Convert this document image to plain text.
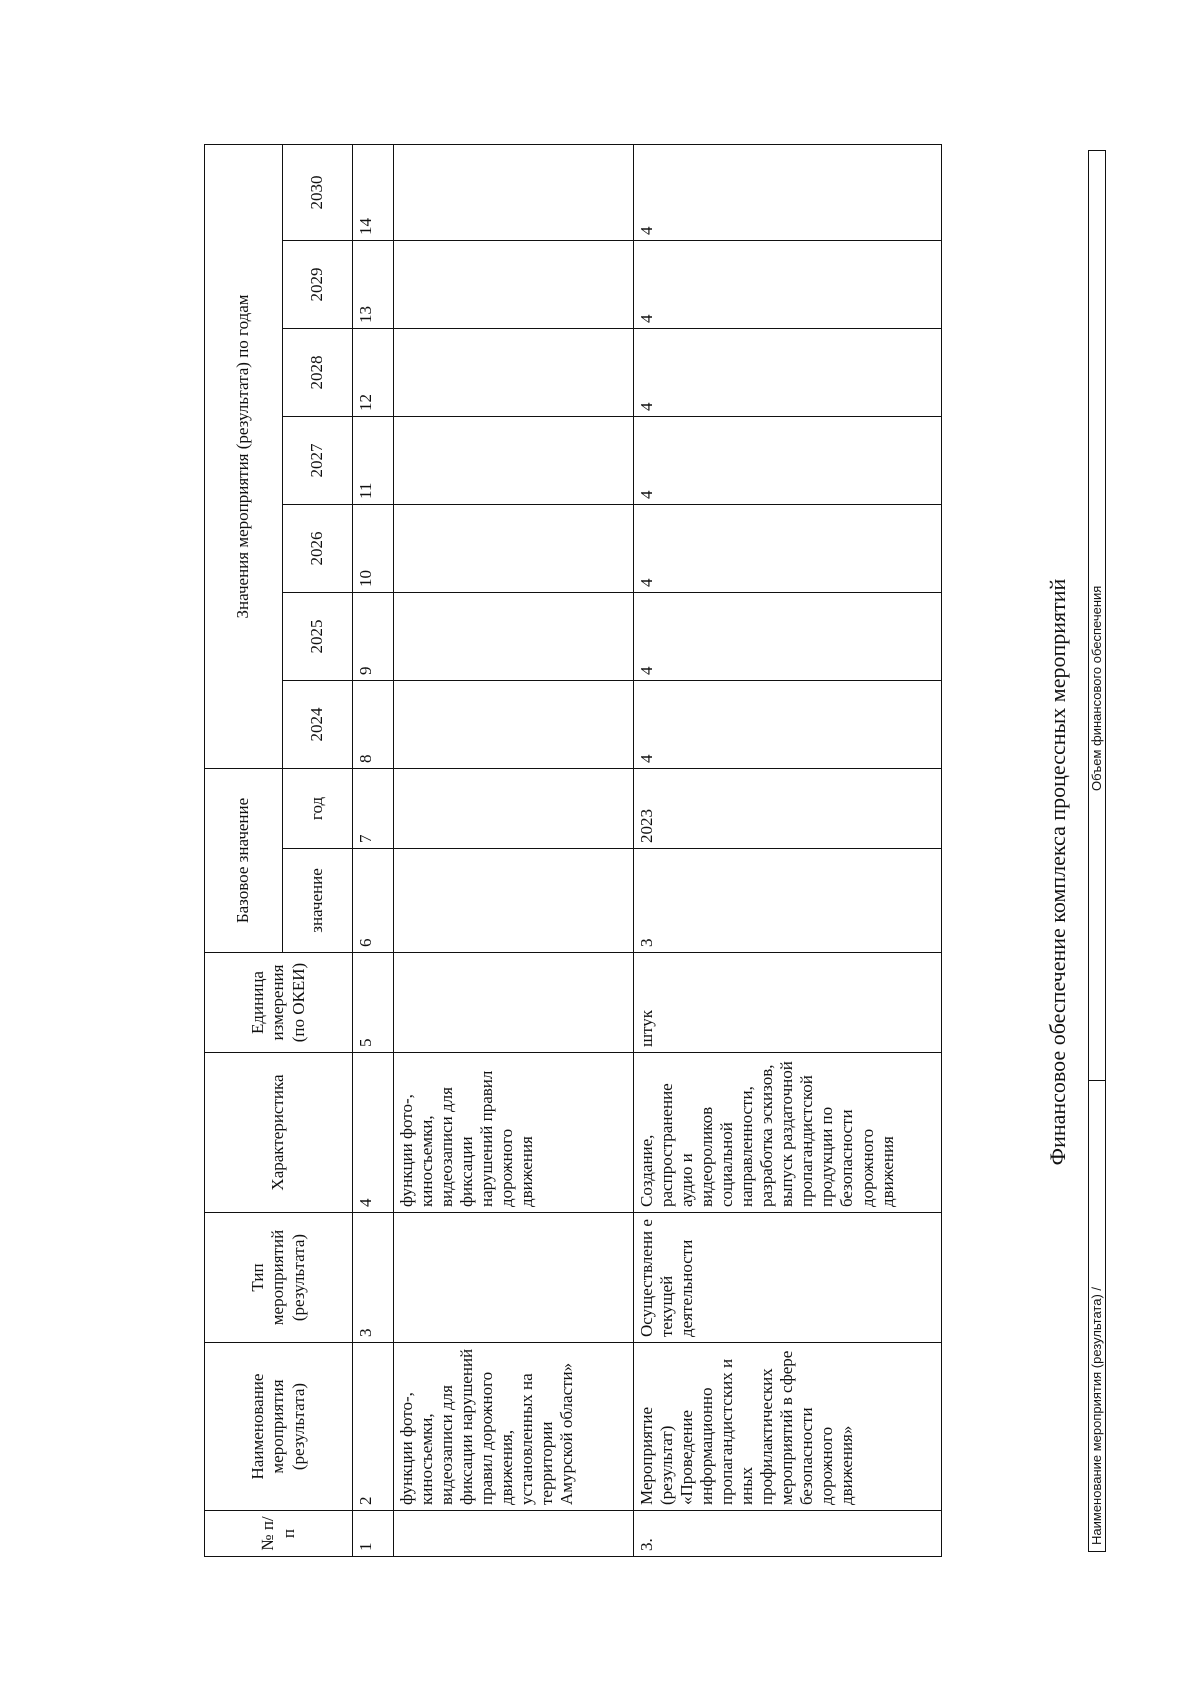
№ п/п	Наименование мероприятия (результата)	Тип мероприятий (результата)	Характеристика	Единица измерения (по ОКЕИ)	Базовое значение		Значения мероприятия (результата) по годам						
					значение	год	2024	2025	2026	2027	2028	2029	2030
1	2	3	4	5	6	7	8	9	10	11	12	13	14
	функции фото-, киносъемки, видеозаписи для фиксации нарушений правил дорожного движения, установленных на территории Амурской области»		функции фото-, киносъемки, видеозаписи для фиксации нарушений правил дорожного движения										
3.	Мероприятие (результат) «Проведение информационно пропагандистских и иных профилактических мероприятий в сфере безопасности дорожного движения»	Осуществлени е текущей деятельности	Создание, распространение аудио и видеороликов социальной направленности, разработка эскизов, выпуск раздаточной пропагандистской продукции по безопасности дорожного движения	штук	3	2023	4	4	4	4	4	4	4
Финансовое обеспечение комплекса процессных мероприятий
Наименование мероприятия (результата) /
Объем финансового обеспечения
